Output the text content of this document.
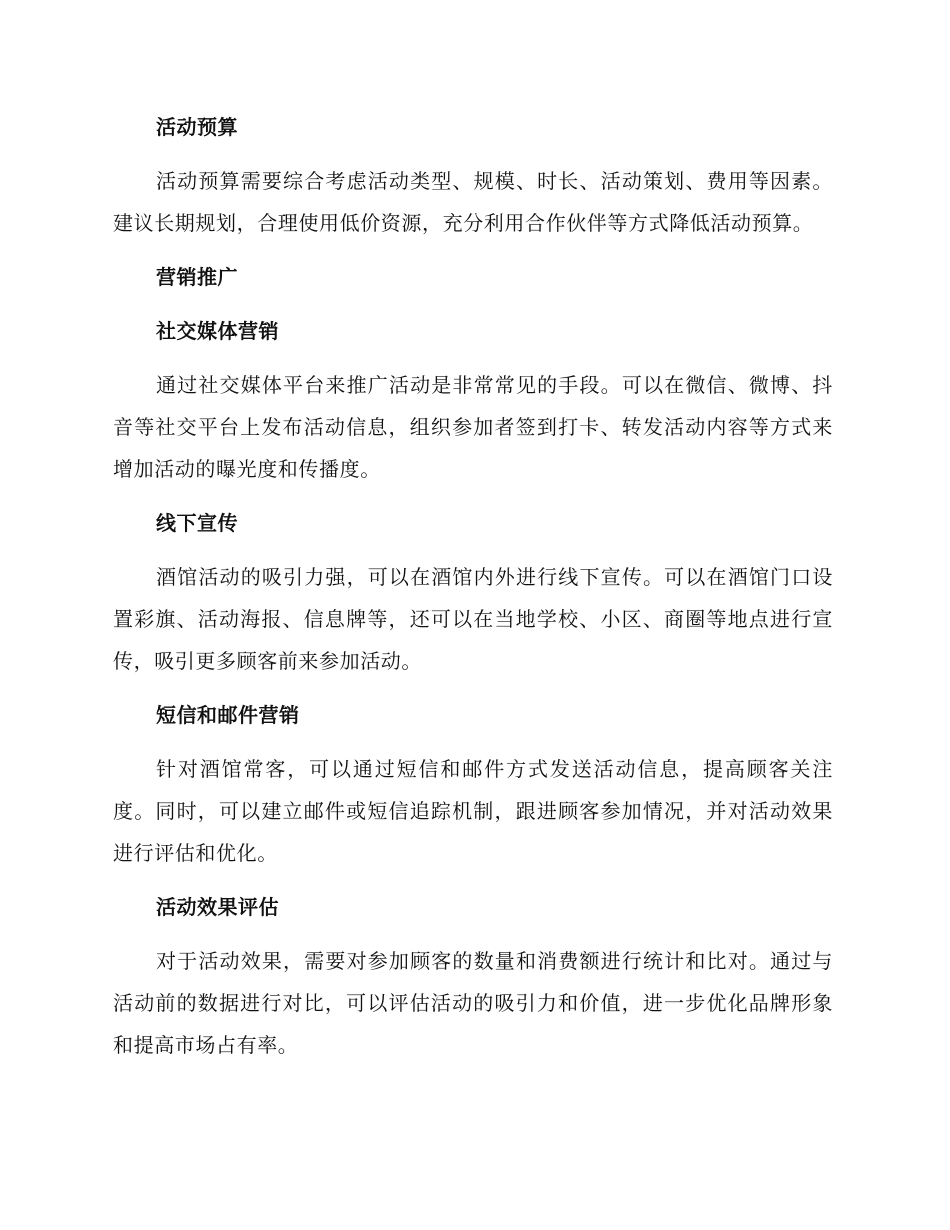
活动预算

活动预算需要综合考虑活动类型、规模、时长、活动策划、费用等因素。建议长期规划，合理使用低价资源，充分利用合作伙伴等方式降低活动预算。

营销推广
社交媒体营销

通过社交媒体平台来推广活动是非常常见的手段。可以在微信、微博、抖音等社交平台上发布活动信息，组织参加者签到打卡、转发活动内容等方式来增加活动的曝光度和传播度。

线下宣传

酒馆活动的吸引力强，可以在酒馆内外进行线下宣传。可以在酒馆门口设置彩旗、活动海报、信息牌等，还可以在当地学校、小区、商圈等地点进行宣传，吸引更多顾客前来参加活动。

短信和邮件营销

针对酒馆常客，可以通过短信和邮件方式发送活动信息，提高顾客关注度。同时，可以建立邮件或短信追踪机制，跟进顾客参加情况，并对活动效果进行评估和优化。

活动效果评估

对于活动效果，需要对参加顾客的数量和消费额进行统计和比对。通过与活动前的数据进行对比，可以评估活动的吸引力和价值，进一步优化品牌形象和提高市场占有率。
